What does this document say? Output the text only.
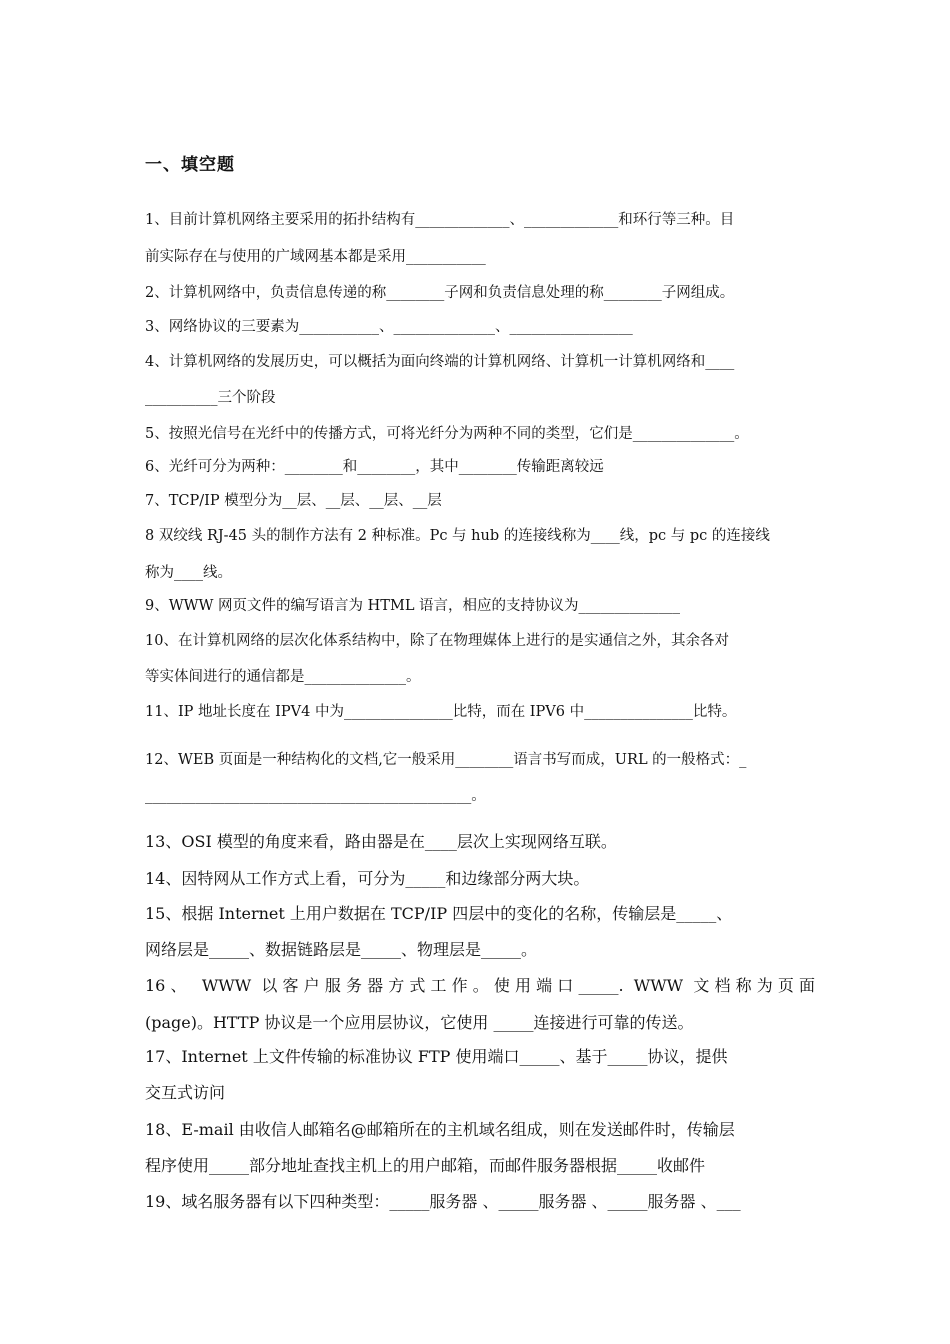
一、填空题

1、目前计算机网络主要采用的拓扑结构有_____________、_____________和环行等三种。目

前实际存在与使用的广域网基本都是采用___________

2、计算机网络中，负责信息传递的称________子网和负责信息处理的称________子网组成。

3、网络协议的三要素为___________、______________、_________________

4、计算机网络的发展历史，可以概括为面向终端的计算机网络、计算机一计算机网络和____

__________三个阶段

5、按照光信号在光纤中的传播方式，可将光纤分为两种不同的类型，它们是______________。

6、光纤可分为两种：________和________，其中________传输距离较远

7、TCP/IP 模型分为__层、__层、__层、__层

8 双绞线 RJ-45 头的制作方法有 2 种标准。Pc 与 hub 的连接线称为____线，pc 与 pc 的连接线

称为____线。

9、WWW 网页文件的编写语言为 HTML 语言，相应的支持协议为______________

10、在计算机网络的层次化体系结构中，除了在物理媒体上进行的是实通信之外，其余各对

等实体间进行的通信都是______________。

11、IP 地址长度在 IPV4 中为_______________比特，而在 IPV6 中_______________比特。

12、WEB 页面是一种结构化的文档,它一般采用________语言书写而成，URL 的一般格式：_

_____________________________________________。

13、OSI 模型的角度来看，路由器是在____层次上实现网络互联。

14、因特网从工作方式上看，可分为_____和边缘部分两大块。

15、根据 Internet 上用户数据在 TCP/IP 四层中的变化的名称，传输层是_____、

网络层是_____、数据链路层是_____、物理层是_____。

16、 WWW 以客户服务器方式工作。使用端口_____. WWW 文档称为页面

(page)。HTTP 协议是一个应用层协议，它使用 _____连接进行可靠的传送。

17、Internet 上文件传输的标准协议 FTP 使用端口_____、基于_____协议，提供

交互式访问

18、E-mail 由收信人邮箱名@邮箱所在的主机域名组成，则在发送邮件时，传输层

程序使用_____部分地址查找主机上的用户邮箱，而邮件服务器根据_____收邮件

19、域名服务器有以下四种类型：_____服务器 、_____服务器 、_____服务器 、___
